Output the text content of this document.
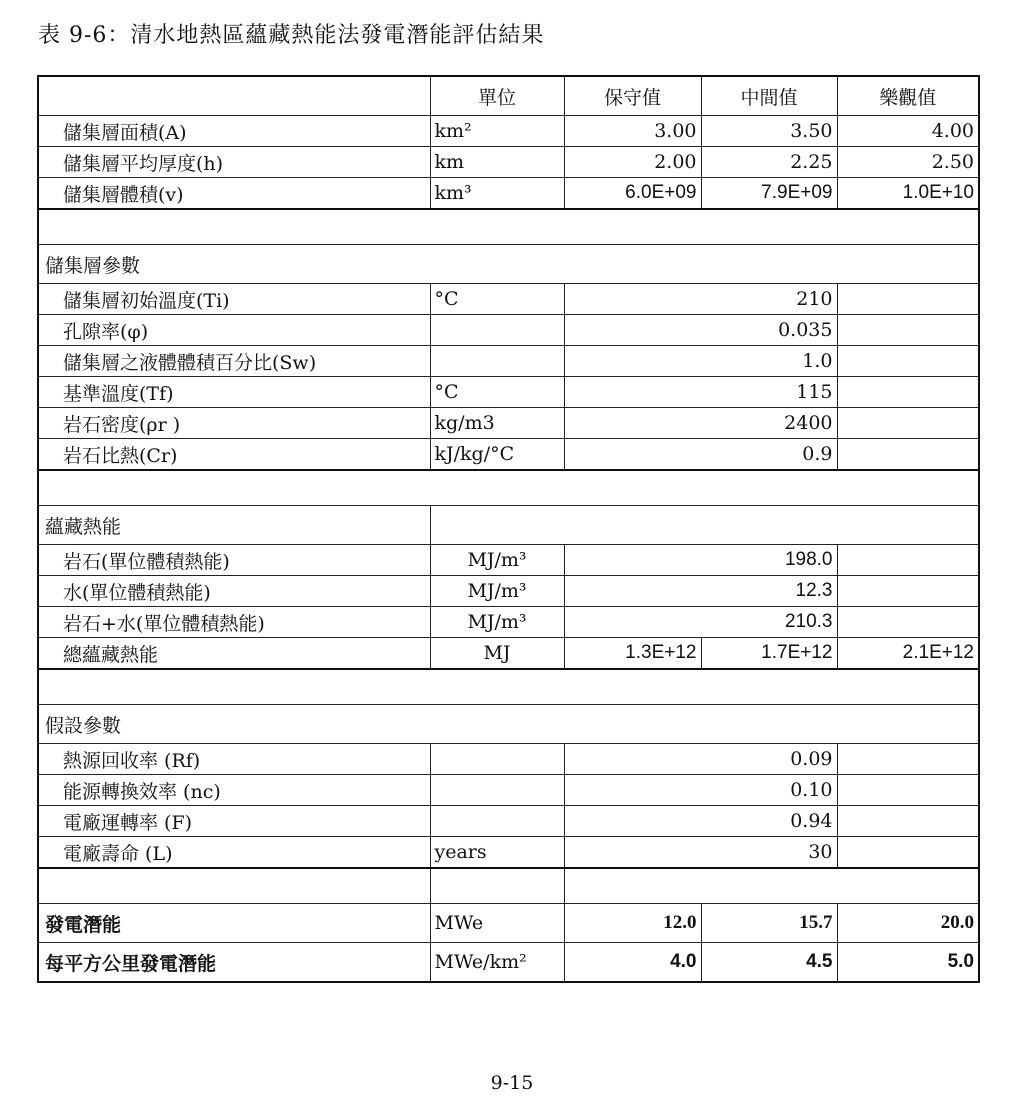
表 9-6：清水地熱區蘊藏熱能法發電潛能評估結果
	單位	保守值	中間值	樂觀值
儲集層面積(A)	km²	3.00	3.50	4.00
儲集層平均厚度(h)	km	2.00	2.25	2.50
儲集層體積(v)	km³	6.0E+09	7.9E+09	1.0E+10

儲集層參數				
儲集層初始溫度(Ti)	°C	210		
孔隙率(φ)		0.035		
儲集層之液體體積百分比(Sw)		1.0		
基準溫度(Tf)	°C	115		
岩石密度(ρr )	kg/m3	2400		
岩石比熱(Cr)	kJ/kg/°C	0.9		

蘊藏熱能				
岩石(單位體積熱能)	MJ/m³	198.0		
水(單位體積熱能)	MJ/m³	12.3		
岩石+水(單位體積熱能)	MJ/m³	210.3		
總蘊藏熱能	MJ	1.3E+12	1.7E+12	2.1E+12

假設參數				
熱源回收率 (Rf)		0.09		
能源轉換效率 (nc)		0.10		
電廠運轉率 (F)		0.94		
電廠壽命 (L)	years	30		

發電潛能	MWe	12.0	15.7	20.0
每平方公里發電潛能	MWe/km²	4.0	4.5	5.0
9-15
